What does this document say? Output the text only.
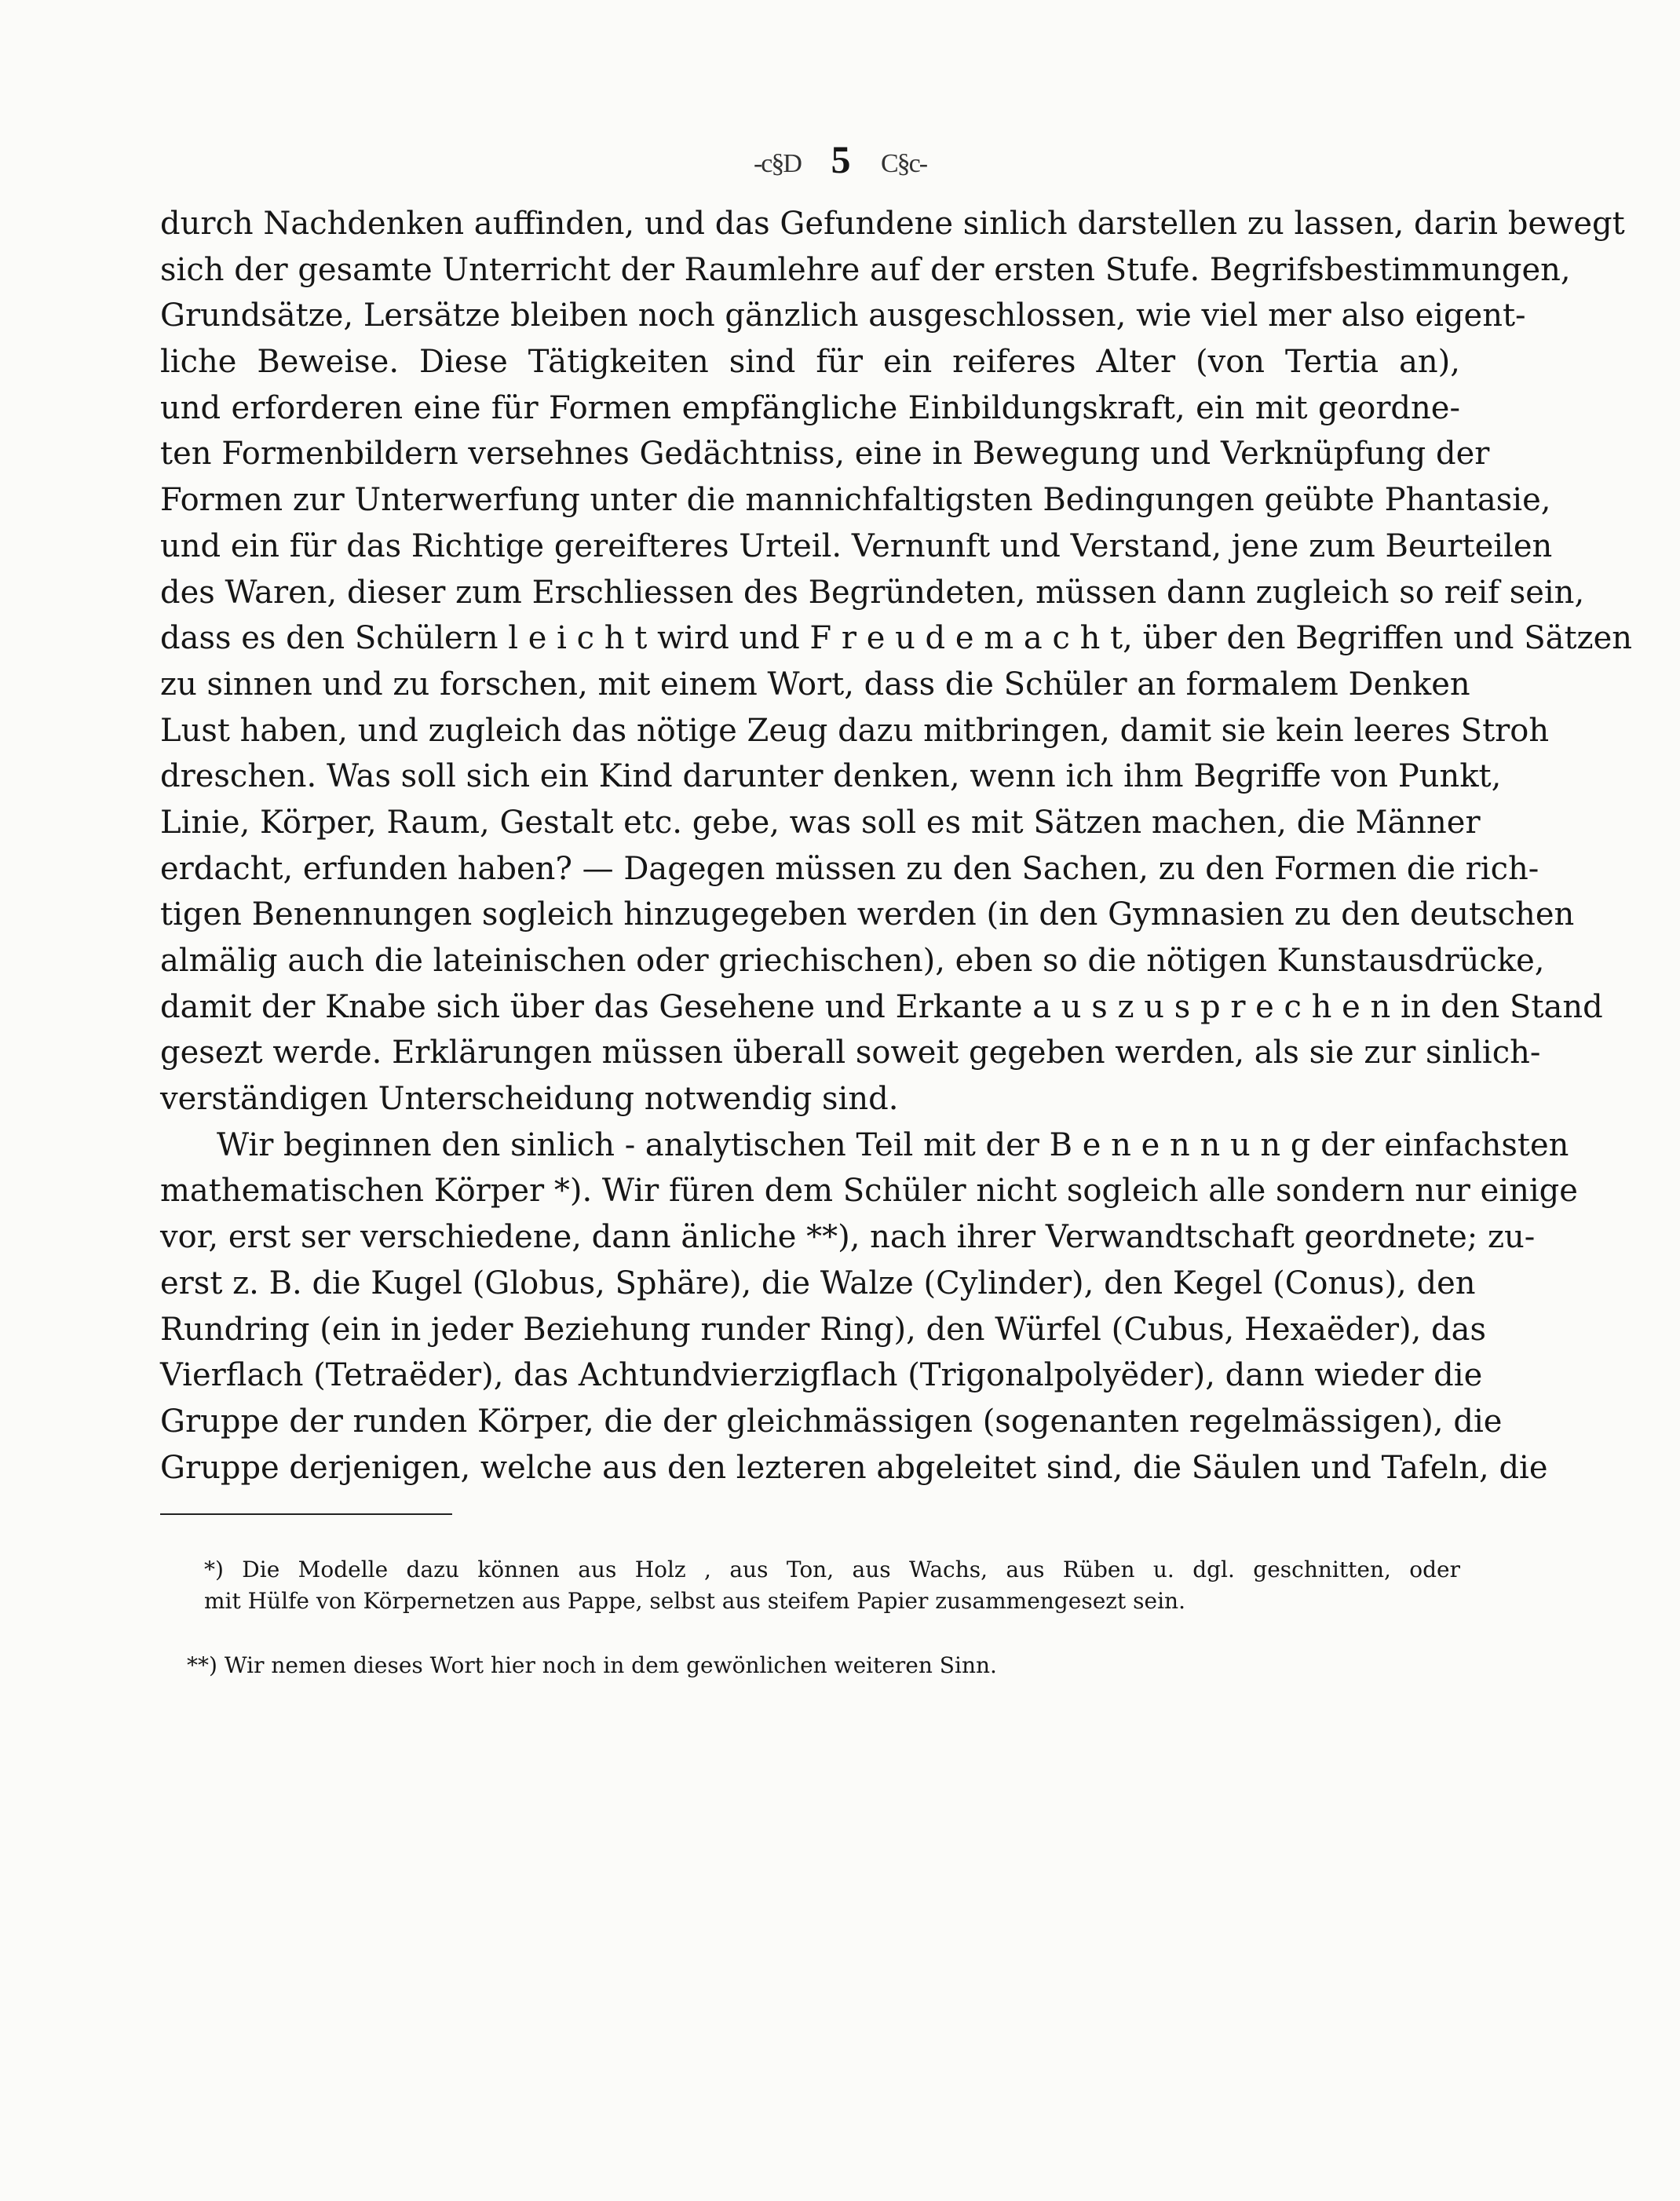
-c§D 5 C§c-
durch Nachdenken auffinden, und das Gefundene sinlich darstellen zu lassen, darin bewegt
sich der gesamte Unterricht der Raumlehre auf der ersten Stufe. Begrifsbestimmungen,
Grundsätze, Lersätze bleiben noch gänzlich ausgeschlossen, wie viel mer also eigent-
liche Beweise. Diese Tätigkeiten sind für ein reiferes Alter (von Tertia an),
und erforderen eine für Formen empfängliche Einbildungskraft, ein mit geordne-
ten Formenbildern versehnes Gedächtniss, eine in Bewegung und Verknüpfung der
Formen zur Unterwerfung unter die mannichfaltigsten Bedingungen geübte Phantasie,
und ein für das Richtige gereifteres Urteil. Vernunft und Verstand, jene zum Beurteilen
des Waren, dieser zum Erschliessen des Begründeten, müssen dann zugleich so reif sein,
dass es den Schülern l e i c h t wird und F r e u d e m a c h t, über den Begriffen und Sätzen
zu sinnen und zu forschen, mit einem Wort, dass die Schüler an formalem Denken
Lust haben, und zugleich das nötige Zeug dazu mitbringen, damit sie kein leeres Stroh
dreschen. Was soll sich ein Kind darunter denken, wenn ich ihm Begriffe von Punkt,
Linie, Körper, Raum, Gestalt etc. gebe, was soll es mit Sätzen machen, die Männer
erdacht, erfunden haben? — Dagegen müssen zu den Sachen, zu den Formen die rich-
tigen Benennungen sogleich hinzugegeben werden (in den Gymnasien zu den deutschen
almälig auch die lateinischen oder griechischen), eben so die nötigen Kunstausdrücke,
damit der Knabe sich über das Gesehene und Erkante a u s z u s p r e c h e n in den Stand
gesezt werde. Erklärungen müssen überall soweit gegeben werden, als sie zur sinlich-
verständigen Unterscheidung notwendig sind.
Wir beginnen den sinlich - analytischen Teil mit der B e n e n n u n g der einfachsten
mathematischen Körper *). Wir füren dem Schüler nicht sogleich alle sondern nur einige
vor, erst ser verschiedene, dann änliche **), nach ihrer Verwandtschaft geordnete; zu-
erst z. B. die Kugel (Globus, Sphäre), die Walze (Cylinder), den Kegel (Conus), den
Rundring (ein in jeder Beziehung runder Ring), den Würfel (Cubus, Hexaëder), das
Vierflach (Tetraëder), das Achtundvierzigflach (Trigonalpolyëder), dann wieder die
Gruppe der runden Körper, die der gleichmässigen (sogenanten regelmässigen), die
Gruppe derjenigen, welche aus den lezteren abgeleitet sind, die Säulen und Tafeln, die
*) Die Modelle dazu können aus Holz , aus Ton, aus Wachs, aus Rüben u. dgl. geschnitten, oder
mit Hülfe von Körpernetzen aus Pappe, selbst aus steifem Papier zusammengesezt sein.
**) Wir nemen dieses Wort hier noch in dem gewönlichen weiteren Sinn.
